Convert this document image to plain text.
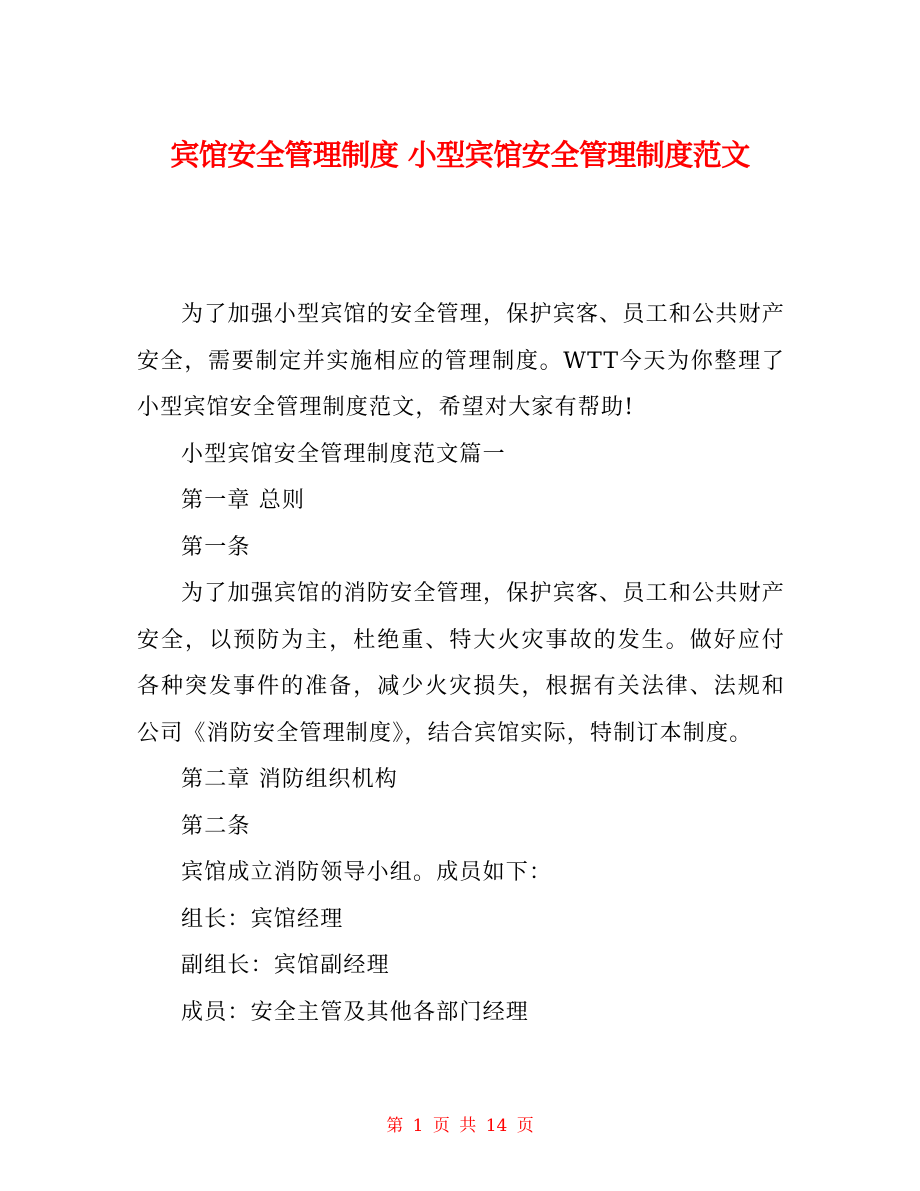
宾馆安全管理制度 小型宾馆安全管理制度范文

为了加强小型宾馆的安全管理，保护宾客、员工和公共财产安全，需要制定并实施相应的管理制度。WTT今天为你整理了小型宾馆安全管理制度范文，希望对大家有帮助!

小型宾馆安全管理制度范文篇一

第一章 总则

第一条

为了加强宾馆的消防安全管理，保护宾客、员工和公共财产安全，以预防为主，杜绝重、特大火灾事故的发生。做好应付各种突发事件的准备，减少火灾损失，根据有关法律、法规和公司《消防安全管理制度》，结合宾馆实际，特制订本制度。

第二章 消防组织机构

第二条

宾馆成立消防领导小组。成员如下：

组长：宾馆经理

副组长：宾馆副经理

成员：安全主管及其他各部门经理

第 1 页 共 14 页
